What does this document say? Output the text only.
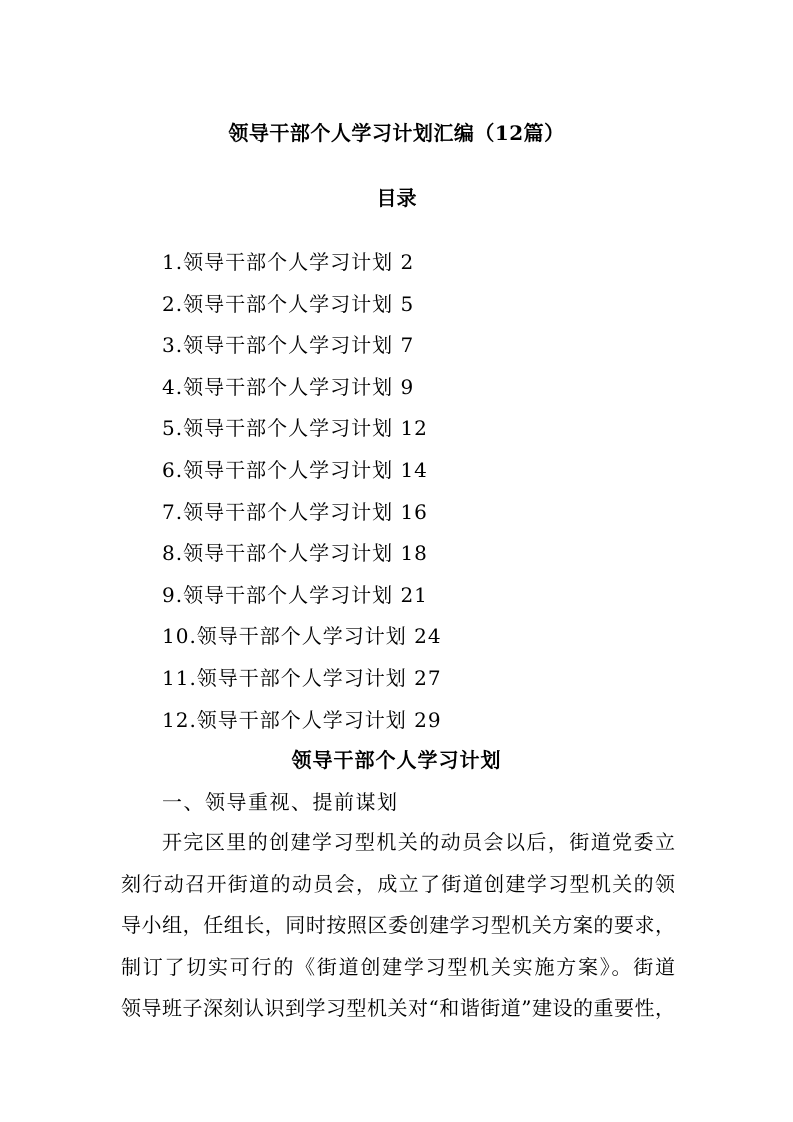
领导干部个人学习计划汇编（12篇）
目录
1.领导干部个人学习计划 2
2.领导干部个人学习计划 5
3.领导干部个人学习计划 7
4.领导干部个人学习计划 9
5.领导干部个人学习计划 12
6.领导干部个人学习计划 14
7.领导干部个人学习计划 16
8.领导干部个人学习计划 18
9.领导干部个人学习计划 21
10.领导干部个人学习计划 24
11.领导干部个人学习计划 27
12.领导干部个人学习计划 29
领导干部个人学习计划
一、领导重视、提前谋划
开完区里的创建学习型机关的动员会以后，街道党委立
刻行动召开街道的动员会，成立了街道创建学习型机关的领
导小组，任组长，同时按照区委创建学习型机关方案的要求，
制订了切实可行的《街道创建学习型机关实施方案》。街道
领导班子深刻认识到学习型机关对“和谐街道”建设的重要性，
